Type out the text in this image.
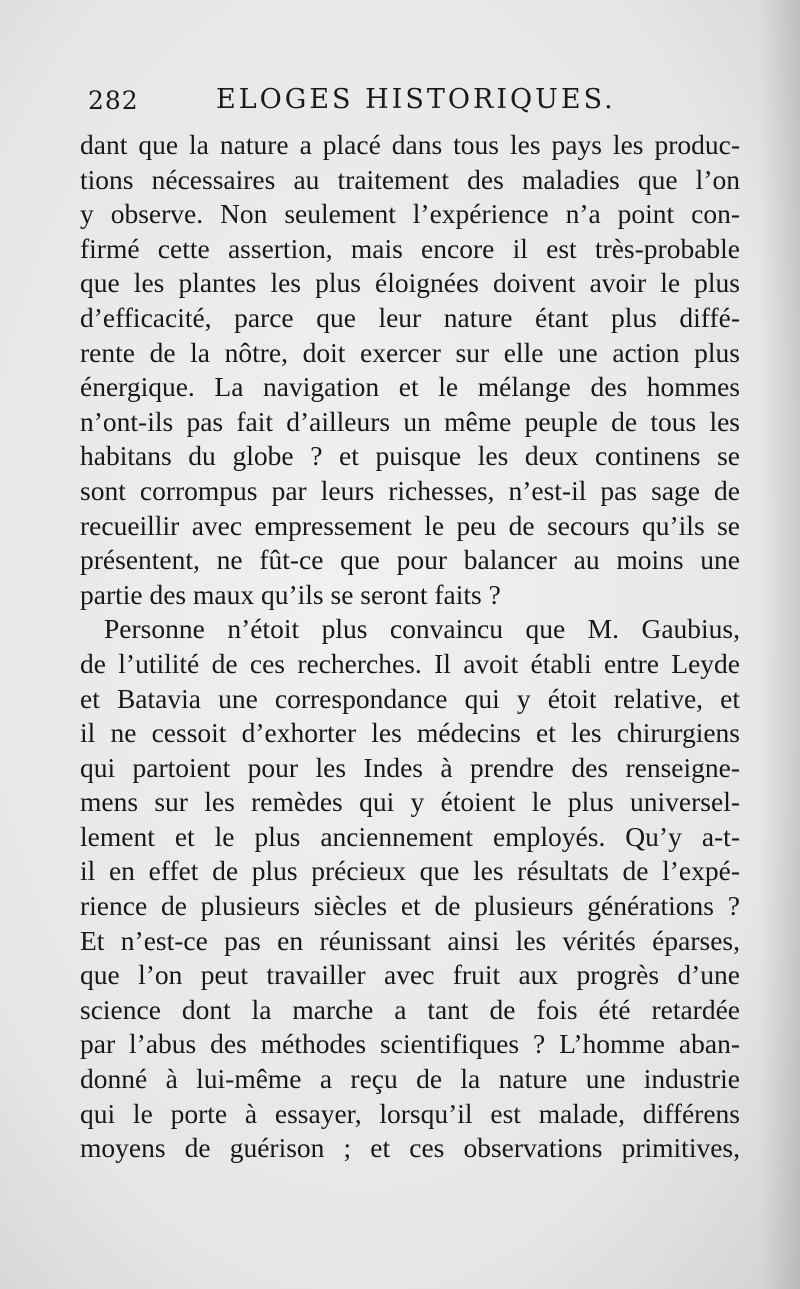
282	ELOGES HISTORIQUES.
dant que la nature a placé dans tous les pays les produc-
tions nécessaires au traitement des maladies que l’on
y observe. Non seulement l’expérience n’a point con-
firmé cette assertion, mais encore il est très-probable
que les plantes les plus éloignées doivent avoir le plus
d’efficacité, parce que leur nature étant plus diffé-
rente de la nôtre, doit exercer sur elle une action plus
énergique. La navigation et le mélange des hommes
n’ont-ils pas fait d’ailleurs un même peuple de tous les
habitans du globe ? et puisque les deux continens se
sont corrompus par leurs richesses, n’est-il pas sage de
recueillir avec empressement le peu de secours qu’ils se
présentent, ne fût-ce que pour balancer au moins une
partie des maux qu’ils se seront faits ?
Personne n’étoit plus convaincu que M. Gaubius,
de l’utilité de ces recherches. Il avoit établi entre Leyde
et Batavia une correspondance qui y étoit relative, et
il ne cessoit d’exhorter les médecins et les chirurgiens
qui partoient pour les Indes à prendre des renseigne-
mens sur les remèdes qui y étoient le plus universel-
lement et le plus anciennement employés. Qu’y a-t-
il en effet de plus précieux que les résultats de l’expé-
rience de plusieurs siècles et de plusieurs générations ?
Et n’est-ce pas en réunissant ainsi les vérités éparses,
que l’on peut travailler avec fruit aux progrès d’une
science dont la marche a tant de fois été retardée
par l’abus des méthodes scientifiques ? L’homme aban-
donné à lui-même a reçu de la nature une industrie
qui le porte à essayer, lorsqu’il est malade, différens
moyens de guérison ; et ces observations primitives,
